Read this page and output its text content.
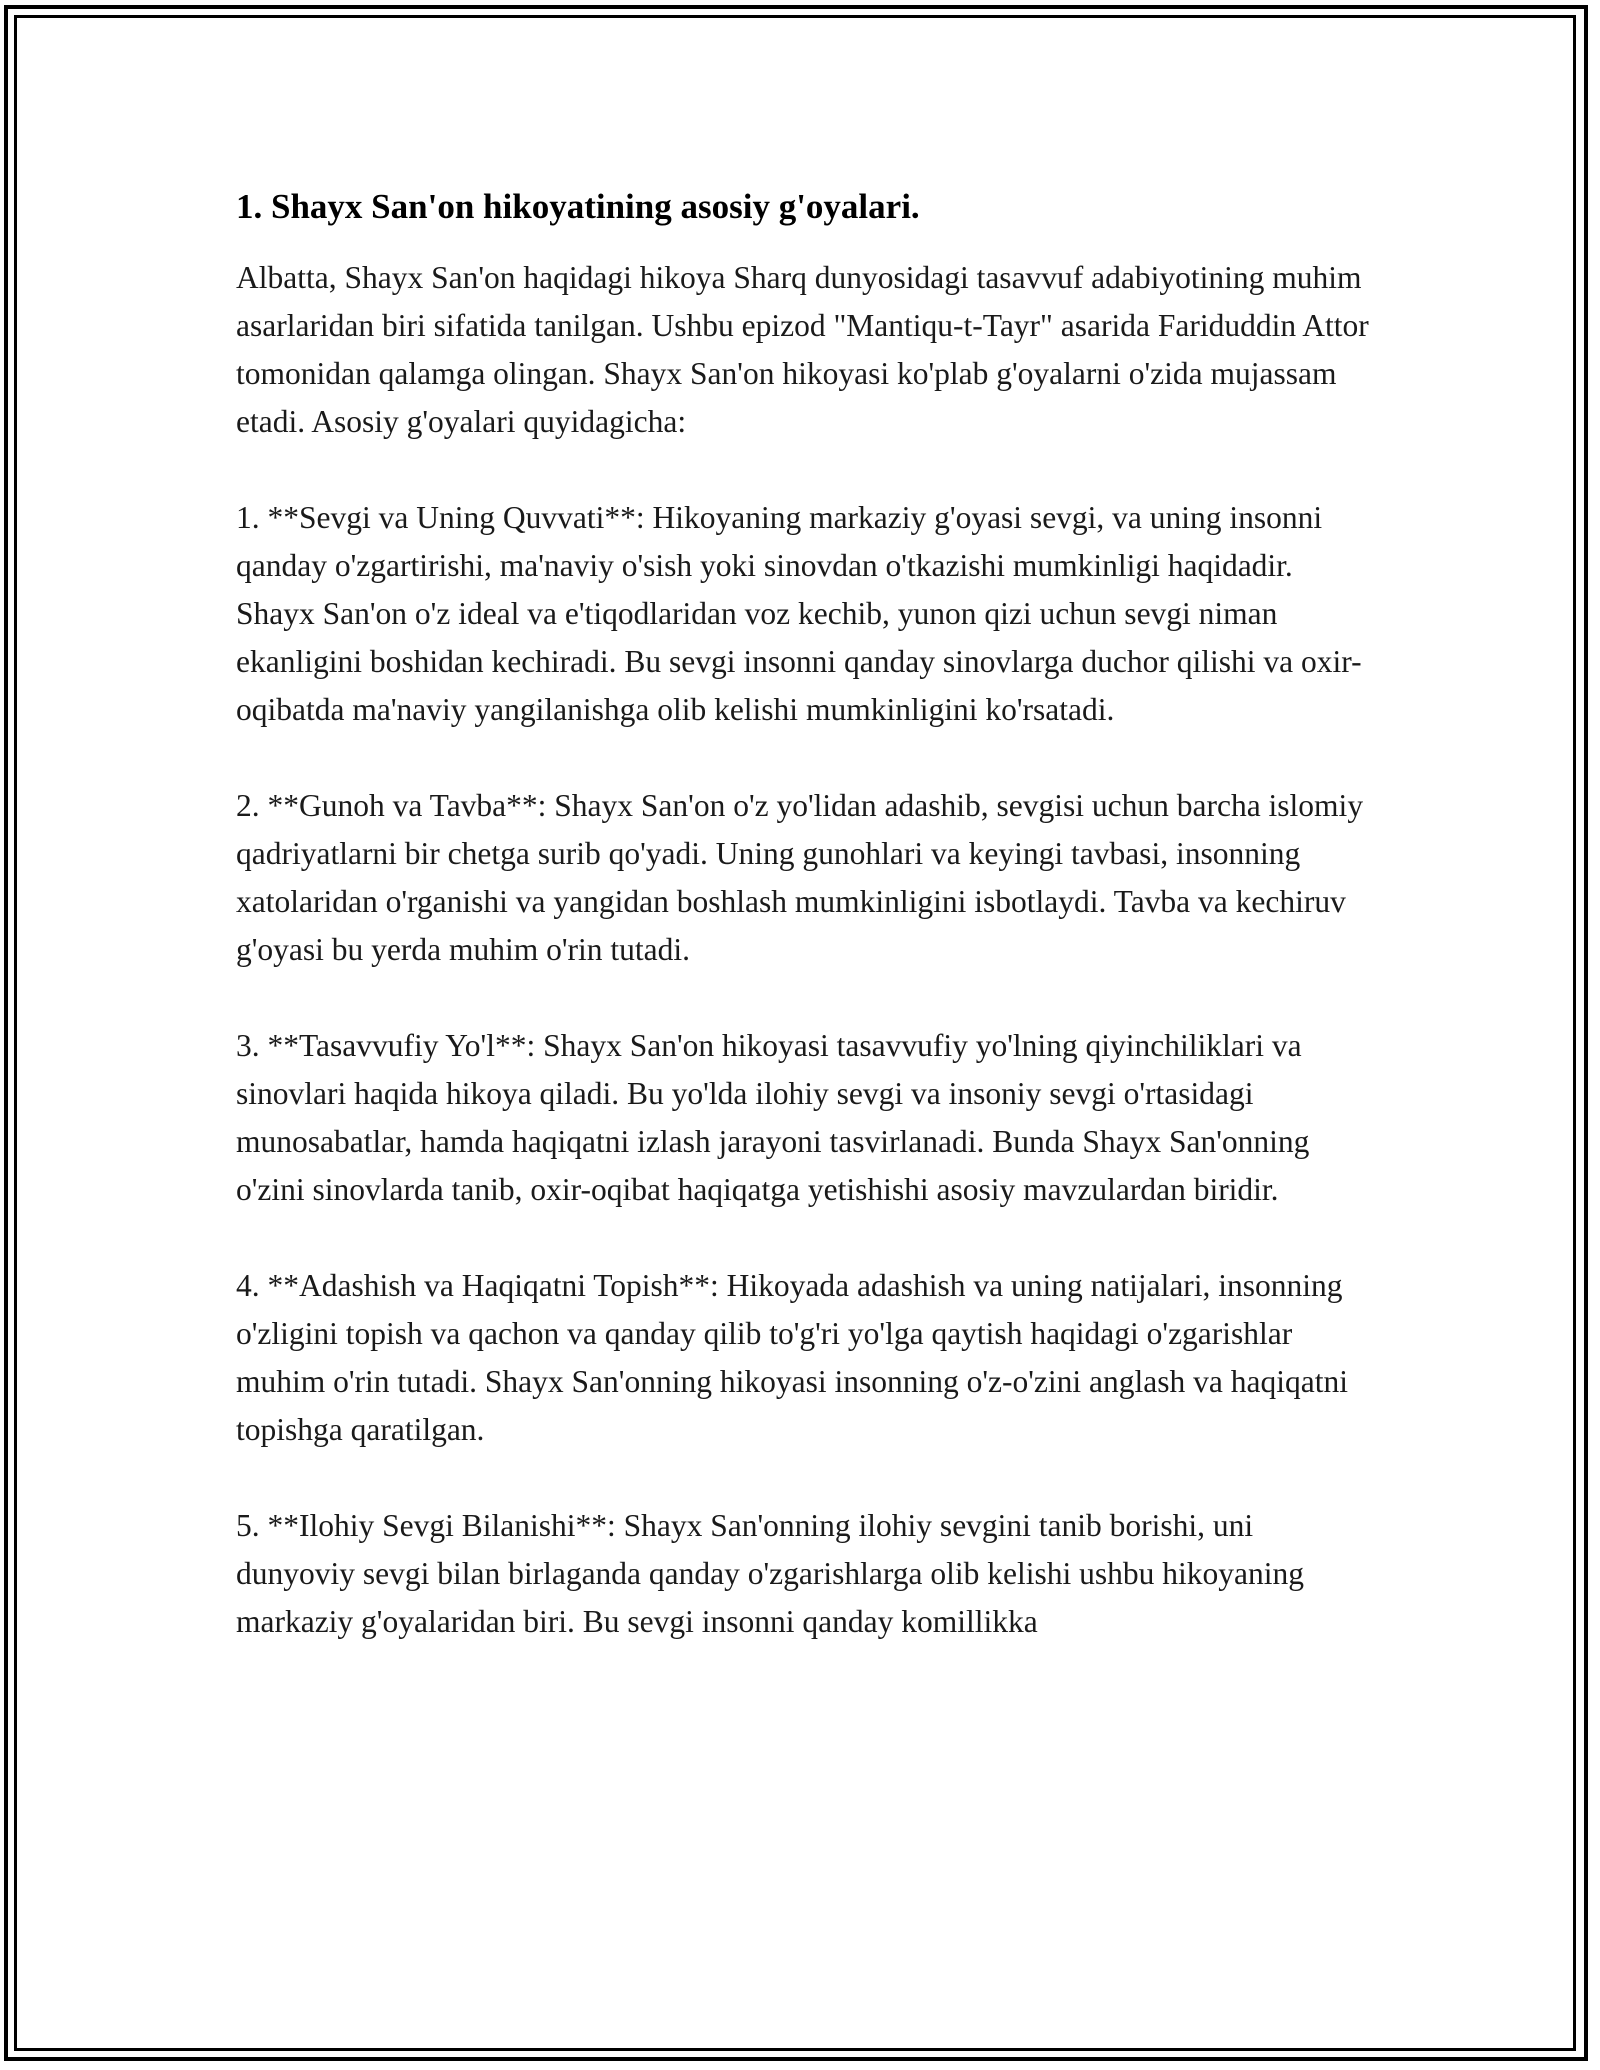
1. Shayx San'on hikoyatining asosiy g'oyalari.

Albatta, Shayx San'on haqidagi hikoya Sharq dunyosidagi tasavvuf adabiyotining muhim asarlaridan biri sifatida tanilgan. Ushbu epizod "Mantiqu-t-Tayr" asarida Fariduddin Attor tomonidan qalamga olingan. Shayx San'on hikoyasi ko'plab g'oyalarni o'zida mujassam etadi. Asosiy g'oyalari quyidagicha:

1. **Sevgi va Uning Quvvati**: Hikoyaning markaziy g'oyasi sevgi, va uning insonni qanday o'zgartirishi, ma'naviy o'sish yoki sinovdan o'tkazishi mumkinligi haqidadir. Shayx San'on o'z ideal va e'tiqodlaridan voz kechib, yunon qizi uchun sevgi niman ekanligini boshidan kechiradi. Bu sevgi insonni qanday sinovlarga duchor qilishi va oxir-oqibatda ma'naviy yangilanishga olib kelishi mumkinligini ko'rsatadi.

2. **Gunoh va Tavba**: Shayx San'on o'z yo'lidan adashib, sevgisi uchun barcha islomiy qadriyatlarni bir chetga surib qo'yadi. Uning gunohlari va keyingi tavbasi, insonning xatolaridan o'rganishi va yangidan boshlash mumkinligini isbotlaydi. Tavba va kechiruv g'oyasi bu yerda muhim o'rin tutadi.

3. **Tasavvufiy Yo'l**: Shayx San'on hikoyasi tasavvufiy yo'lning qiyinchiliklari va sinovlari haqida hikoya qiladi. Bu yo'lda ilohiy sevgi va insoniy sevgi o'rtasidagi munosabatlar, hamda haqiqatni izlash jarayoni tasvirlanadi. Bunda Shayx San'onning o'zini sinovlarda tanib, oxir-oqibat haqiqatga yetishishi asosiy mavzulardan biridir.

4. **Adashish va Haqiqatni Topish**: Hikoyada adashish va uning natijalari, insonning o'zligini topish va qachon va qanday qilib to'g'ri yo'lga qaytish haqidagi o'zgarishlar muhim o'rin tutadi. Shayx San'onning hikoyasi insonning o'z-o'zini anglash va haqiqatni topishga qaratilgan.

5. **Ilohiy Sevgi Bilanishi**: Shayx San'onning ilohiy sevgini tanib borishi, uni dunyoviy sevgi bilan birlaganda qanday o'zgarishlarga olib kelishi ushbu hikoyaning markaziy g'oyalaridan biri. Bu sevgi insonni qanday komillikka
